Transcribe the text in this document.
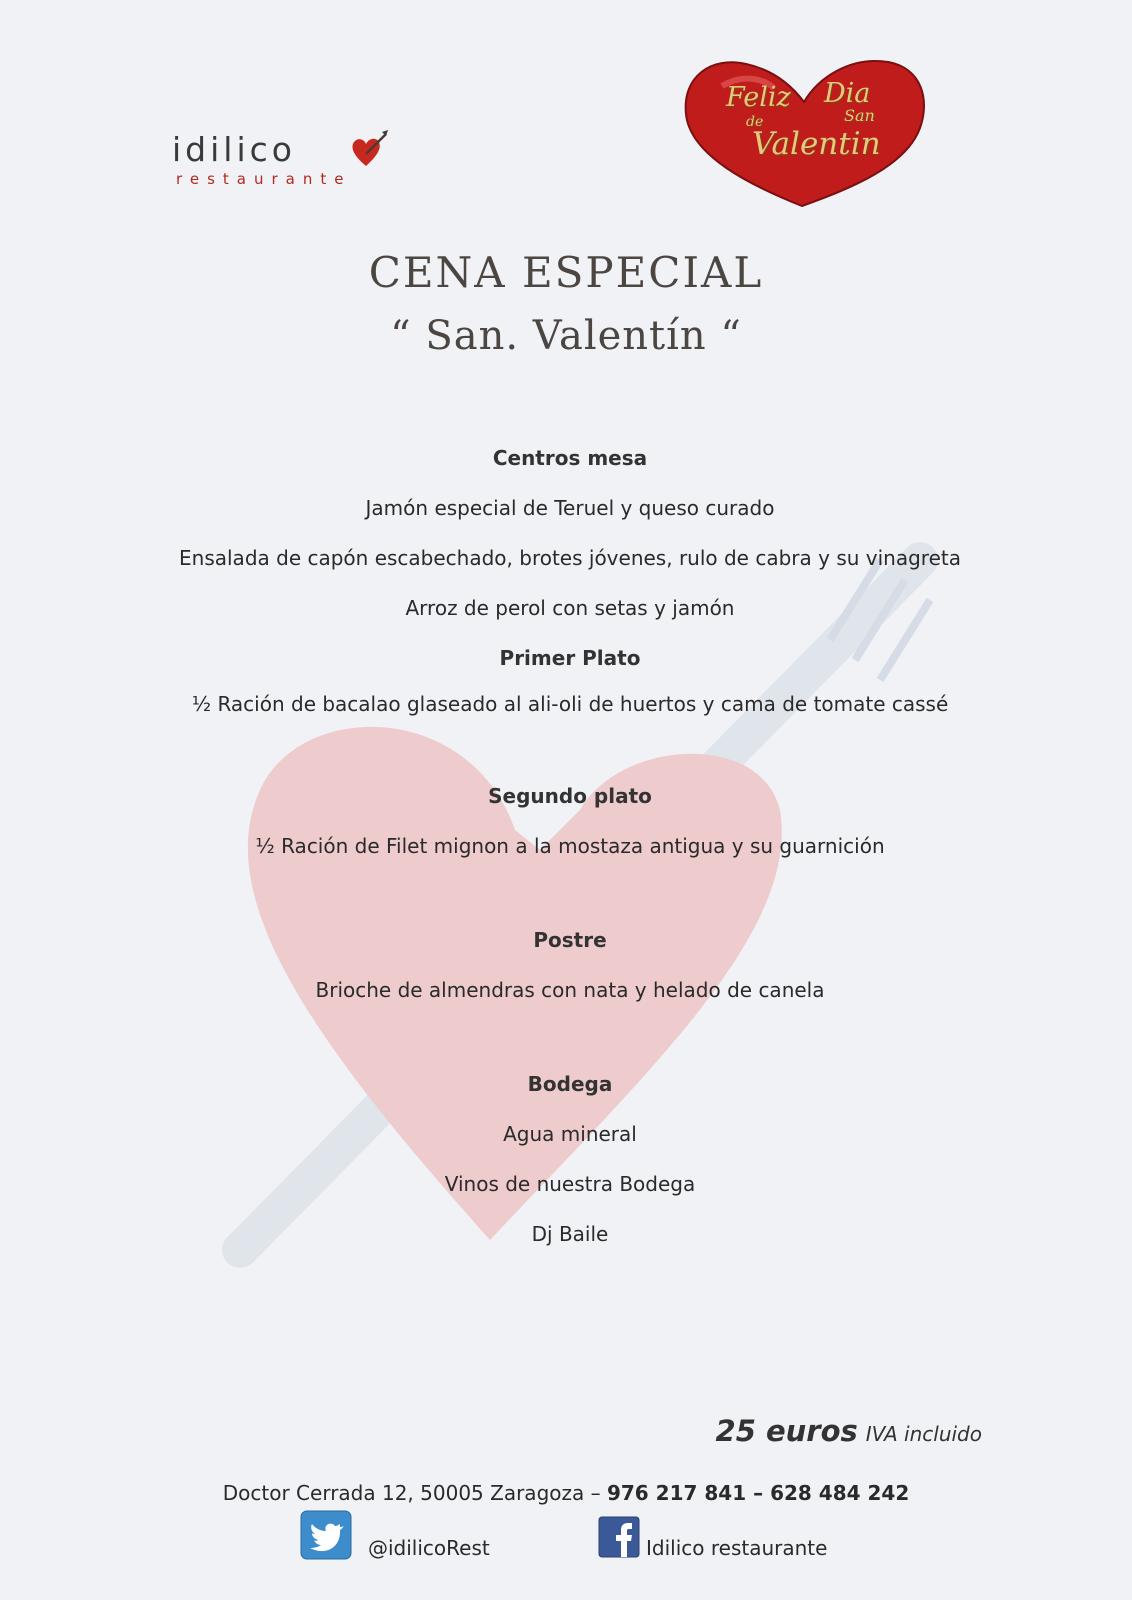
idilico
restaurante
Feliz Dia
de	San
Valentin
CENA ESPECIAL
“ San. Valentín “
Centros mesa
Jamón especial de Teruel y queso curado
Ensalada de capón escabechado, brotes jóvenes, rulo de cabra y su vinagreta
Arroz de perol con setas y jamón
Primer Plato
½ Ración de bacalao glaseado al ali-oli de huertos y cama de tomate cassé
Segundo plato
½ Ración de Filet mignon a la mostaza antigua y su guarnición
Postre
Brioche de almendras con nata y helado de canela
Bodega
Agua mineral
Vinos de nuestra Bodega
Dj Baile
25 euros IVA incluido
Doctor Cerrada 12, 50005 Zaragoza – 976 217 841 – 628 484 242
@idilicoRest	Idilico restaurante
